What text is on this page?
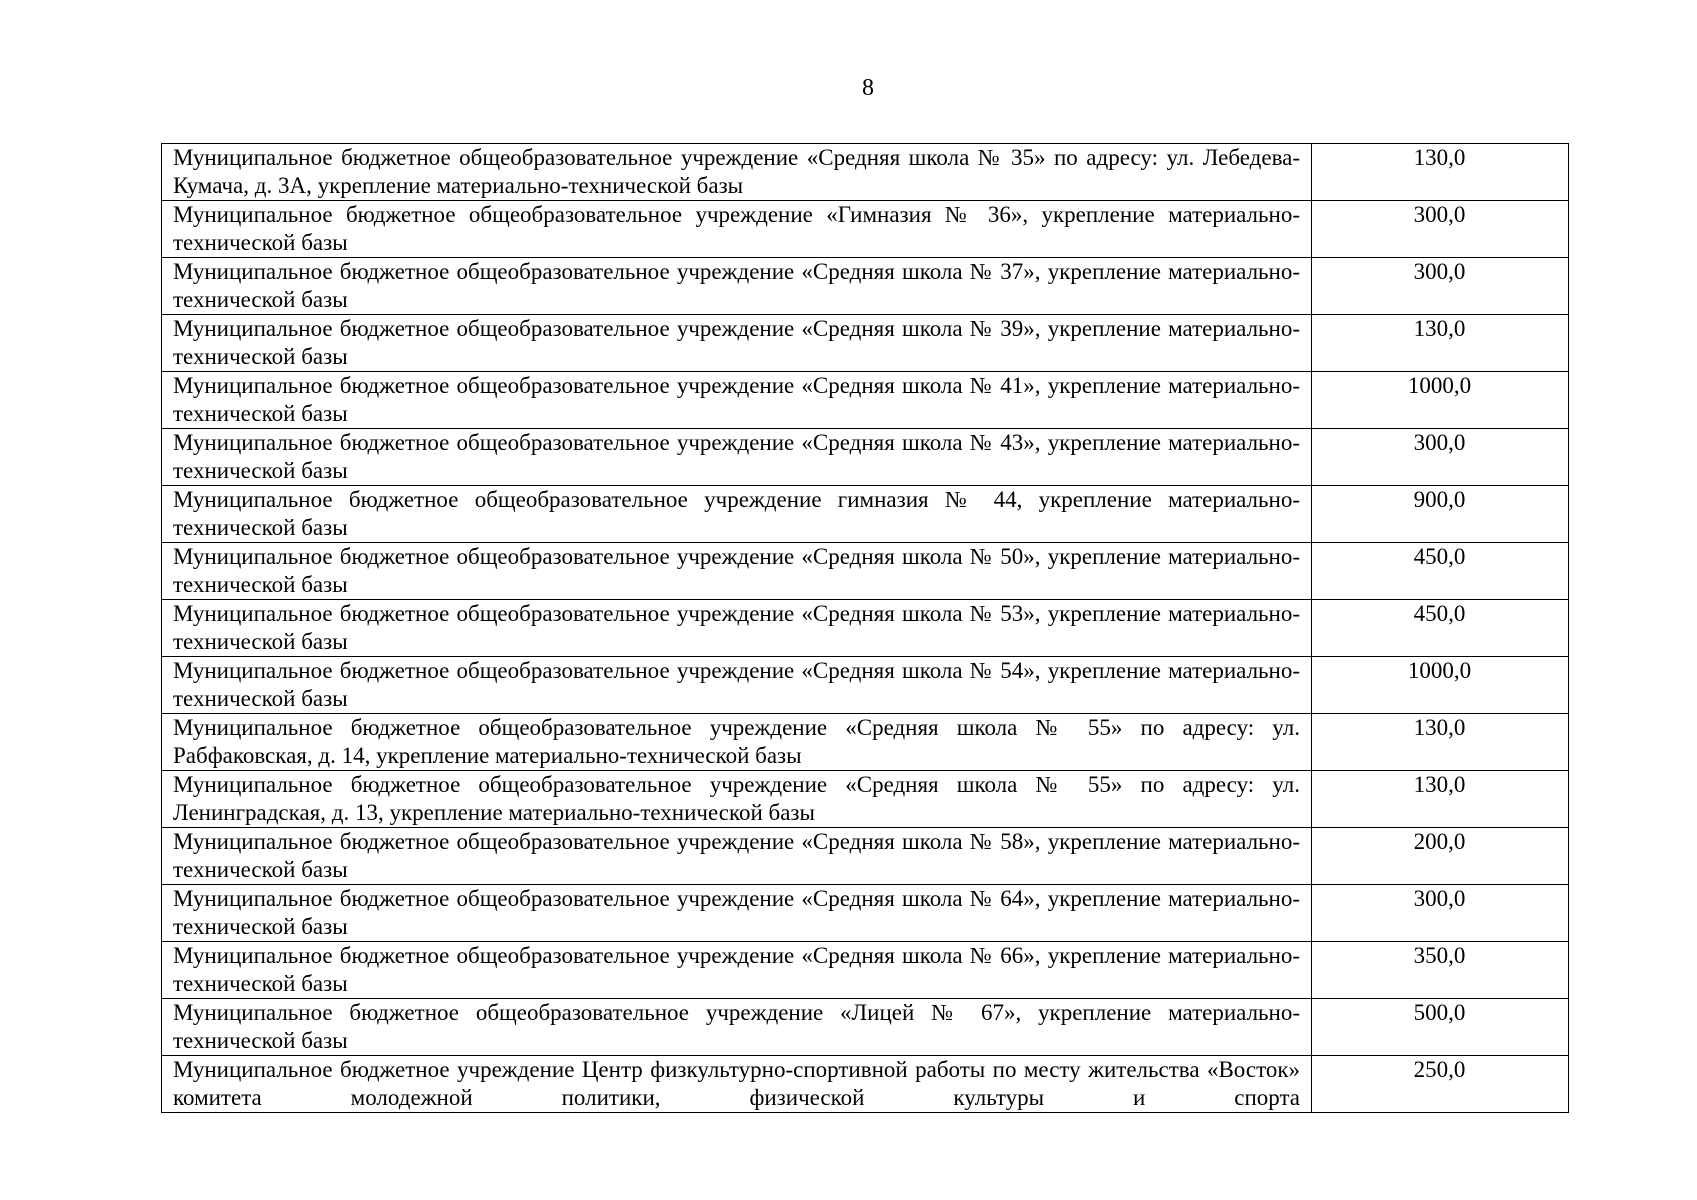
8
Муниципальное бюджетное общеобразовательное учреждение «Средняя школа № 35» по адресу: ул. Лебедева-Кумача, д. 3А, укрепление материально-технической базы	130,0
Муниципальное бюджетное общеобразовательное учреждение «Гимназия № 36», укрепление материально-технической базы	300,0
Муниципальное бюджетное общеобразовательное учреждение «Средняя школа № 37», укрепление материально-технической базы	300,0
Муниципальное бюджетное общеобразовательное учреждение «Средняя школа № 39», укрепление материально-технической базы	130,0
Муниципальное бюджетное общеобразовательное учреждение «Средняя школа № 41», укрепление материально-технической базы	1000,0
Муниципальное бюджетное общеобразовательное учреждение «Средняя школа № 43», укрепление материально-технической базы	300,0
Муниципальное бюджетное общеобразовательное учреждение гимназия № 44, укрепление материально-технической базы	900,0
Муниципальное бюджетное общеобразовательное учреждение «Средняя школа № 50», укрепление материально-технической базы	450,0
Муниципальное бюджетное общеобразовательное учреждение «Средняя школа № 53», укрепление материально-технической базы	450,0
Муниципальное бюджетное общеобразовательное учреждение «Средняя школа № 54», укрепление материально-технической базы	1000,0
Муниципальное бюджетное общеобразовательное учреждение «Средняя школа № 55» по адресу: ул. Рабфаковская, д. 14, укрепление материально-технической базы	130,0
Муниципальное бюджетное общеобразовательное учреждение «Средняя школа № 55» по адресу: ул. Ленинградская, д. 13, укрепление материально-технической базы	130,0
Муниципальное бюджетное общеобразовательное учреждение «Средняя школа № 58», укрепление материально-технической базы	200,0
Муниципальное бюджетное общеобразовательное учреждение «Средняя школа № 64», укрепление материально-технической базы	300,0
Муниципальное бюджетное общеобразовательное учреждение «Средняя школа № 66», укрепление материально-технической базы	350,0
Муниципальное бюджетное общеобразовательное учреждение «Лицей № 67», укрепление материально-технической базы	500,0
Муниципальное бюджетное учреждение Центр физкультурно-спортивной работы по месту жительства «Восток» комитета молодежной политики, физической культуры и спорта	250,0
